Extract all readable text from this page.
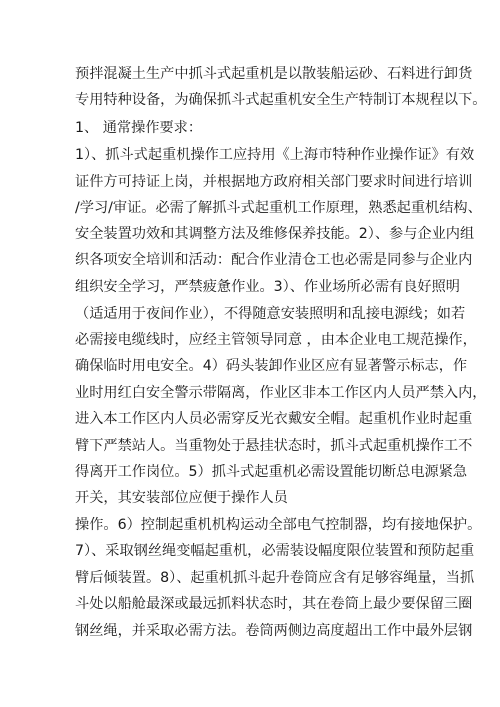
预拌混凝土生产中抓斗式起重机是以散装船运砂、石料进行卸货
专用特种设备，为确保抓斗式起重机安全生产特制订本规程以下。
1、 通常操作要求：
1）、抓斗式起重机操作工应持用《上海市特种作业操作证》有效
证件方可持证上岗，并根据地方政府相关部门要求时间进行培训
/学习/审证。必需了解抓斗式起重机工作原理，熟悉起重机结构、
安全装置功效和其调整方法及维修保养技能。2）、参与企业内组
织各项安全培训和活动：配合作业清仓工也必需是同参与企业内
组织安全学习，严禁疲惫作业。3）、作业场所必需有良好照明
（适适用于夜间作业），不得随意安装照明和乱接电源线；如若
必需接电缆线时，应经主管领导同意 ，由本企业电工规范操作，
确保临时用电安全。4）码头装卸作业区应有显著警示标志，作
业时用红白安全警示带隔离，作业区非本工作区内人员严禁入内，
进入本工作区内人员必需穿反光衣戴安全帽。起重机作业时起重
臂下严禁站人。当重物处于悬挂状态时，抓斗式起重机操作工不
得离开工作岗位。5）抓斗式起重机必需设置能切断总电源紧急
开关，其安装部位应便于操作人员
操作。6）控制起重机机构运动全部电气控制器，均有接地保护。
7）、采取钢丝绳变幅起重机，必需装设幅度限位装置和预防起重
臂后倾装置。8）、起重机抓斗起升卷筒应含有足够容绳量，当抓
斗处以船舱最深或最远抓料状态时，其在卷筒上最少要保留三圈
钢丝绳，并采取必需方法。卷筒两侧边高度超出工作中最外层钢
